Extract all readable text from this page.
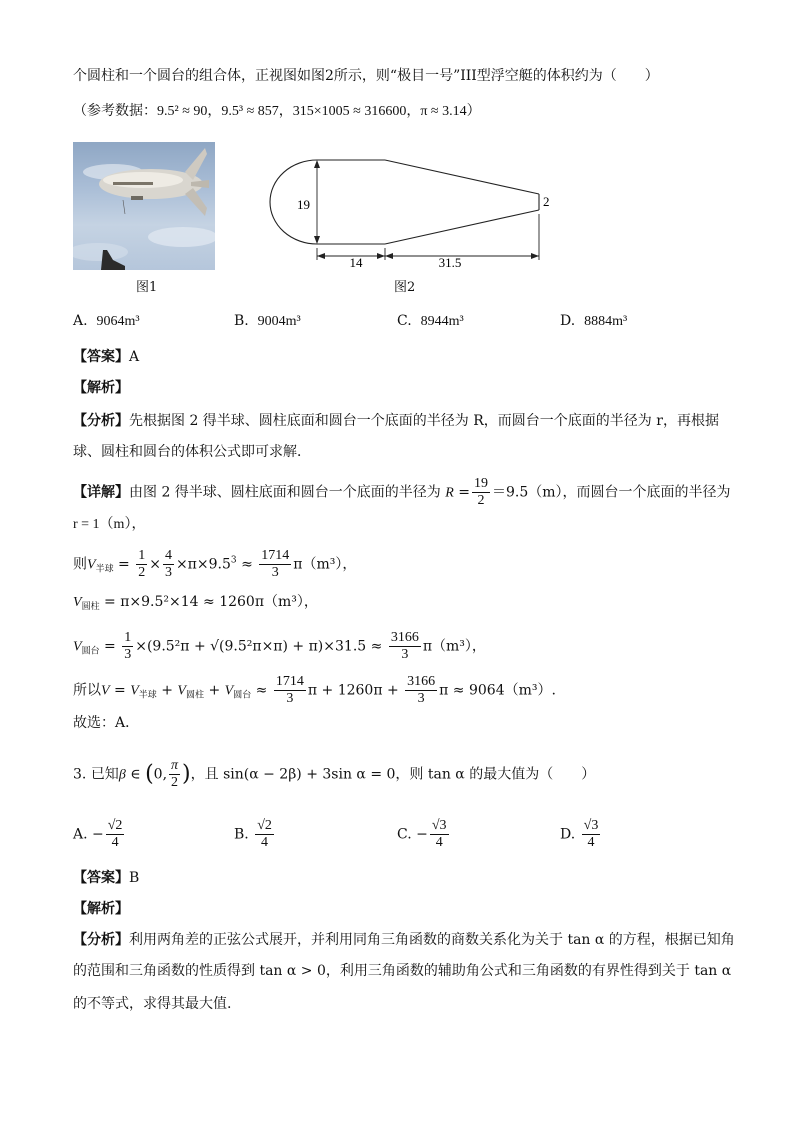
个圆柱和一个圆台的组合体，正视图如图2所示，则“极目一号”III型浮空艇的体积约为（　　）
（参考数据：9.5² ≈ 90，9.5³ ≈ 857，315×1005 ≈ 316600，π ≈ 3.14）
图1
19	2
14	31.5
图2
A. 9064m³	B. 9004m³	C. 8944m³	D. 8884m³
【答案】A
【解析】
【分析】先根据图 2 得半球、圆柱底面和圆台一个底面的半径为 R，而圆台一个底面的半径为 r，再根据
球、圆柱和圆台的体积公式即可求解．
【详解】由图 2 得半球、圆柱底面和圆台一个底面的半径为 $R = \frac{19}{2} =9.5(m)$，而圆台一个底面的半径为
r = 1（m），
则$V_{半球} = \frac{1}{2} \times \frac{4}{3} \times\pi\times 9.5^3 \approx \frac{1714}{3} \pi(m^3)$，
$V_{圆柱} = \pi\times 9.5^2\times 14 \approx 1260\pi(m^3)$，
$V_{圆台} = \frac{1}{3} \times(9.5^2\pi + √(9.5^2\pi\times\pi) + \pi)\times 31.5 \approx \frac{3166}{3} \pi(m^3)$，
所以$V = V_{半球} + V_{圆柱} + V_{圆台} \approx \frac{1714}{3}$ $\pi + 1260\pi + \frac{3166}{3}$ π ≈ 9064（m³）.
故选：A．
3. 已知β ∈ (0, $\frac{\pi}{2}$ )，且 sin(α − 2β) + 3sin α = 0，则 tan α 的最大值为（　　）
A. − $\frac{√2}{4}$	B. $\frac{√2}{4}$	C. − $\frac{√3}{4}$	D. $\frac{√3}{4}$
【答案】B
【解析】
【分析】利用两角差的正弦公式展开，并利用同角三角函数的商数关系化为关于 tan α 的方程，根据已知角
的范围和三角函数的性质得到 tan α > 0，利用三角函数的辅助角公式和三角函数的有界性得到关于 tan α
的不等式，求得其最大值.
